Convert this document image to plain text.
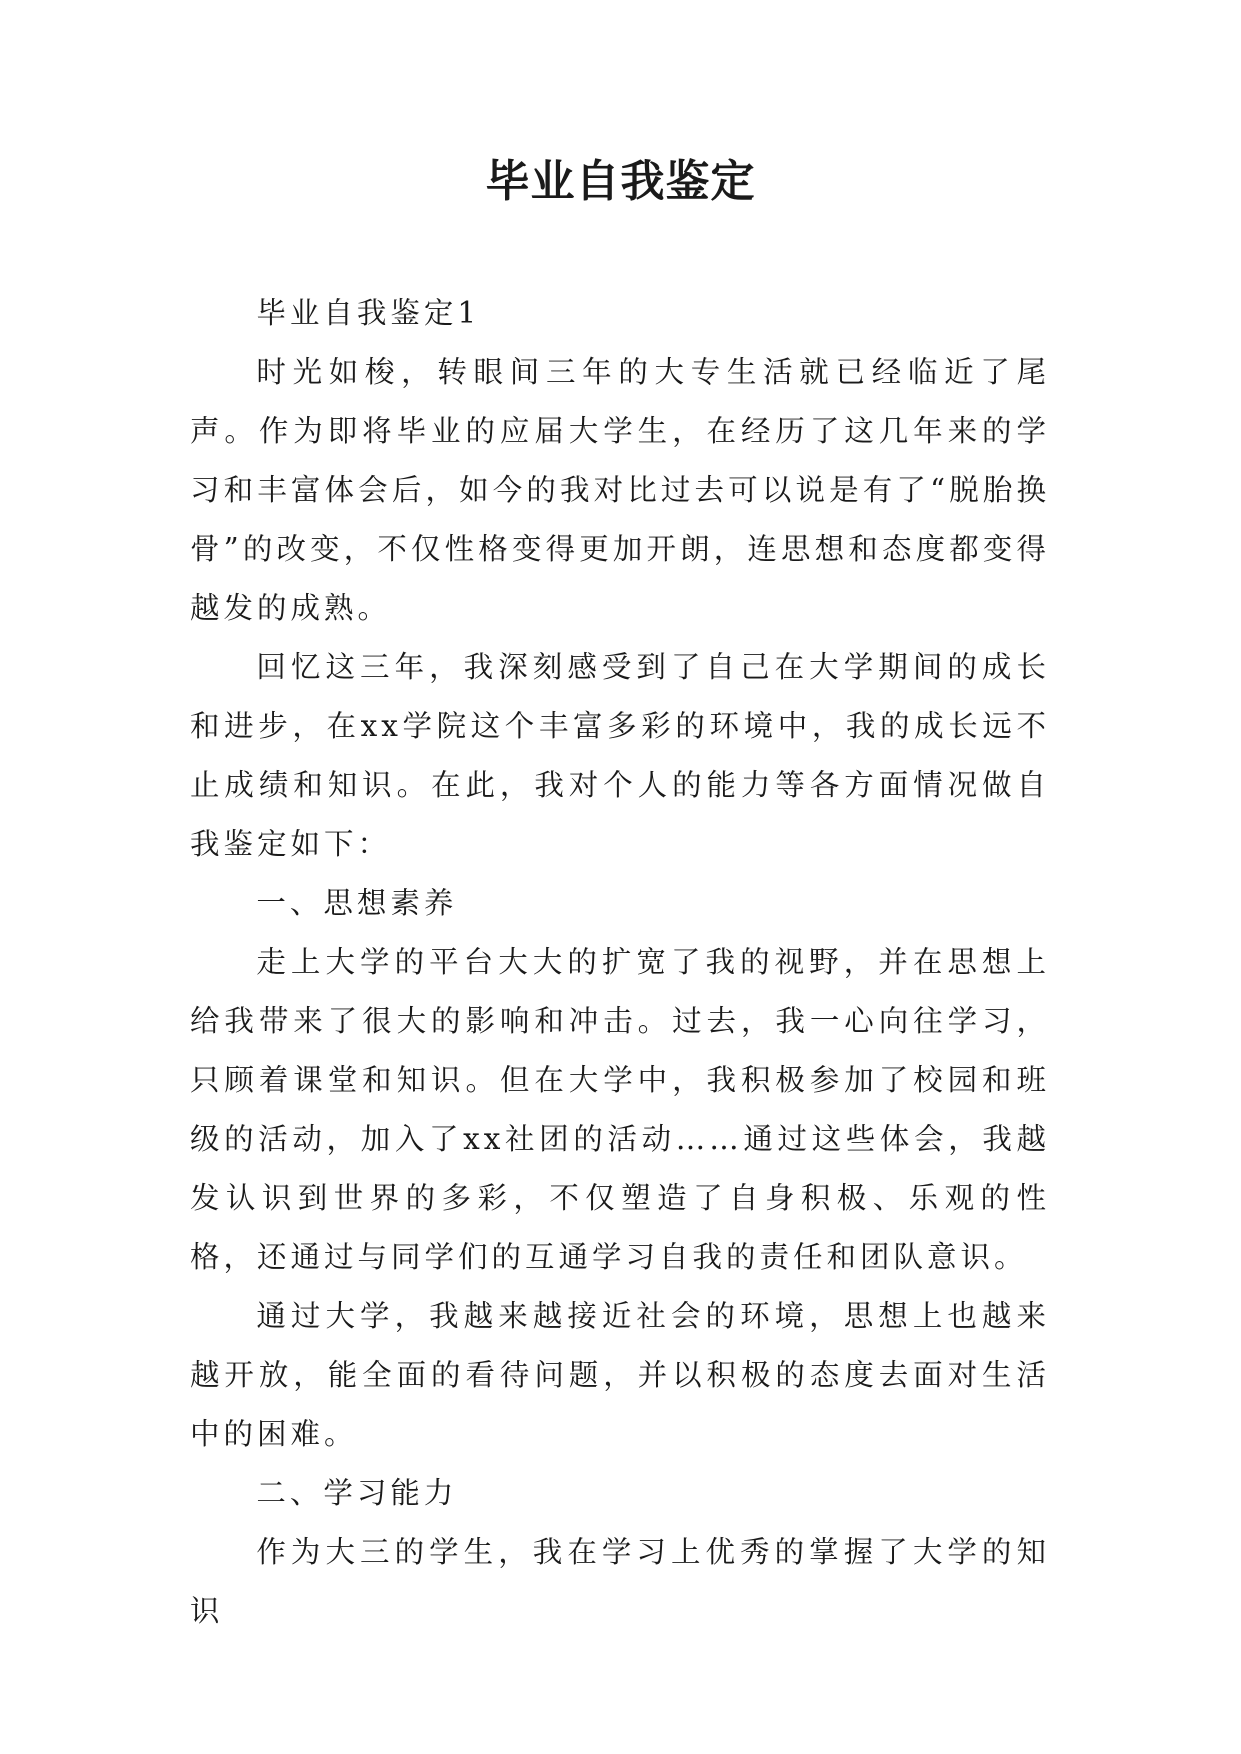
毕业自我鉴定

毕业自我鉴定1

时光如梭，转眼间三年的大专生活就已经临近了尾声。作为即将毕业的应届大学生，在经历了这几年来的学习和丰富体会后，如今的我对比过去可以说是有了“脱胎换骨”的改变，不仅性格变得更加开朗，连思想和态度都变得越发的成熟。

回忆这三年，我深刻感受到了自己在大学期间的成长和进步，在xx学院这个丰富多彩的环境中，我的成长远不止成绩和知识。在此，我对个人的能力等各方面情况做自我鉴定如下：

一、思想素养

走上大学的平台大大的扩宽了我的视野，并在思想上给我带来了很大的影响和冲击。过去，我一心向往学习，只顾着课堂和知识。但在大学中，我积极参加了校园和班级的活动，加入了xx社团的活动……通过这些体会，我越发认识到世界的多彩，不仅塑造了自身积极、乐观的性格，还通过与同学们的互通学习自我的责任和团队意识。

通过大学，我越来越接近社会的环境，思想上也越来越开放，能全面的看待问题，并以积极的态度去面对生活中的困难。

二、学习能力

作为大三的学生，我在学习上优秀的掌握了大学的知识
